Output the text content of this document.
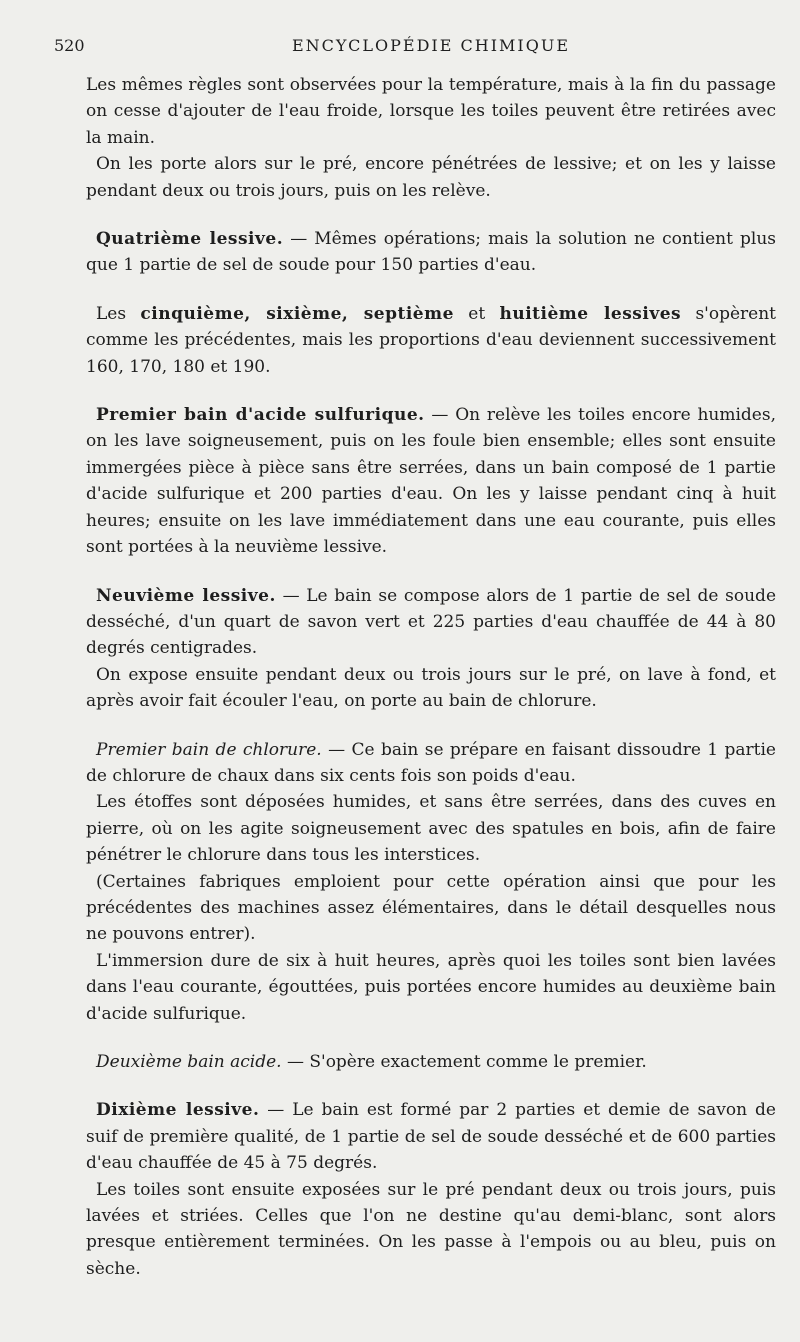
520	ENCYCLOPÉDIE CHIMIQUE

Les mêmes règles sont observées pour la température, mais à la fin du passage on cesse d'ajouter de l'eau froide, lorsque les toiles peuvent être retirées avec la main.

On les porte alors sur le pré, encore pénétrées de lessive; et on les y laisse pendant deux ou trois jours, puis on les relève.

Quatrième lessive. — Mêmes opérations; mais la solution ne contient plus que 1 partie de sel de soude pour 150 parties d'eau.

Les cinquième, sixième, septième et huitième lessives s'opèrent comme les précédentes, mais les proportions d'eau deviennent successivement 160, 170, 180 et 190.

Premier bain d'acide sulfurique. — On relève les toiles encore humides, on les lave soigneusement, puis on les foule bien ensemble; elles sont ensuite immergées pièce à pièce sans être serrées, dans un bain composé de 1 partie d'acide sulfurique et 200 parties d'eau. On les y laisse pendant cinq à huit heures; ensuite on les lave immédiatement dans une eau courante, puis elles sont portées à la neuvième lessive.

Neuvième lessive. — Le bain se compose alors de 1 partie de sel de soude desséché, d'un quart de savon vert et 225 parties d'eau chauffée de 44 à 80 degrés centigrades.

On expose ensuite pendant deux ou trois jours sur le pré, on lave à fond, et après avoir fait écouler l'eau, on porte au bain de chlorure.

Premier bain de chlorure. — Ce bain se prépare en faisant dissoudre 1 partie de chlorure de chaux dans six cents fois son poids d'eau.

Les étoffes sont déposées humides, et sans être serrées, dans des cuves en pierre, où on les agite soigneusement avec des spatules en bois, afin de faire pénétrer le chlorure dans tous les interstices.

(Certaines fabriques emploient pour cette opération ainsi que pour les précédentes des machines assez élémentaires, dans le détail desquelles nous ne pouvons entrer).

L'immersion dure de six à huit heures, après quoi les toiles sont bien lavées dans l'eau courante, égouttées, puis portées encore humides au deuxième bain d'acide sulfurique.

Deuxième bain acide. — S'opère exactement comme le premier.

Dixième lessive. — Le bain est formé par 2 parties et demie de savon de suif de première qualité, de 1 partie de sel de soude desséché et de 600 parties d'eau chauffée de 45 à 75 degrés.

Les toiles sont ensuite exposées sur le pré pendant deux ou trois jours, puis lavées et striées. Celles que l'on ne destine qu'au demi-blanc, sont alors presque entièrement terminées. On les passe à l'empois ou au bleu, puis on sèche.
